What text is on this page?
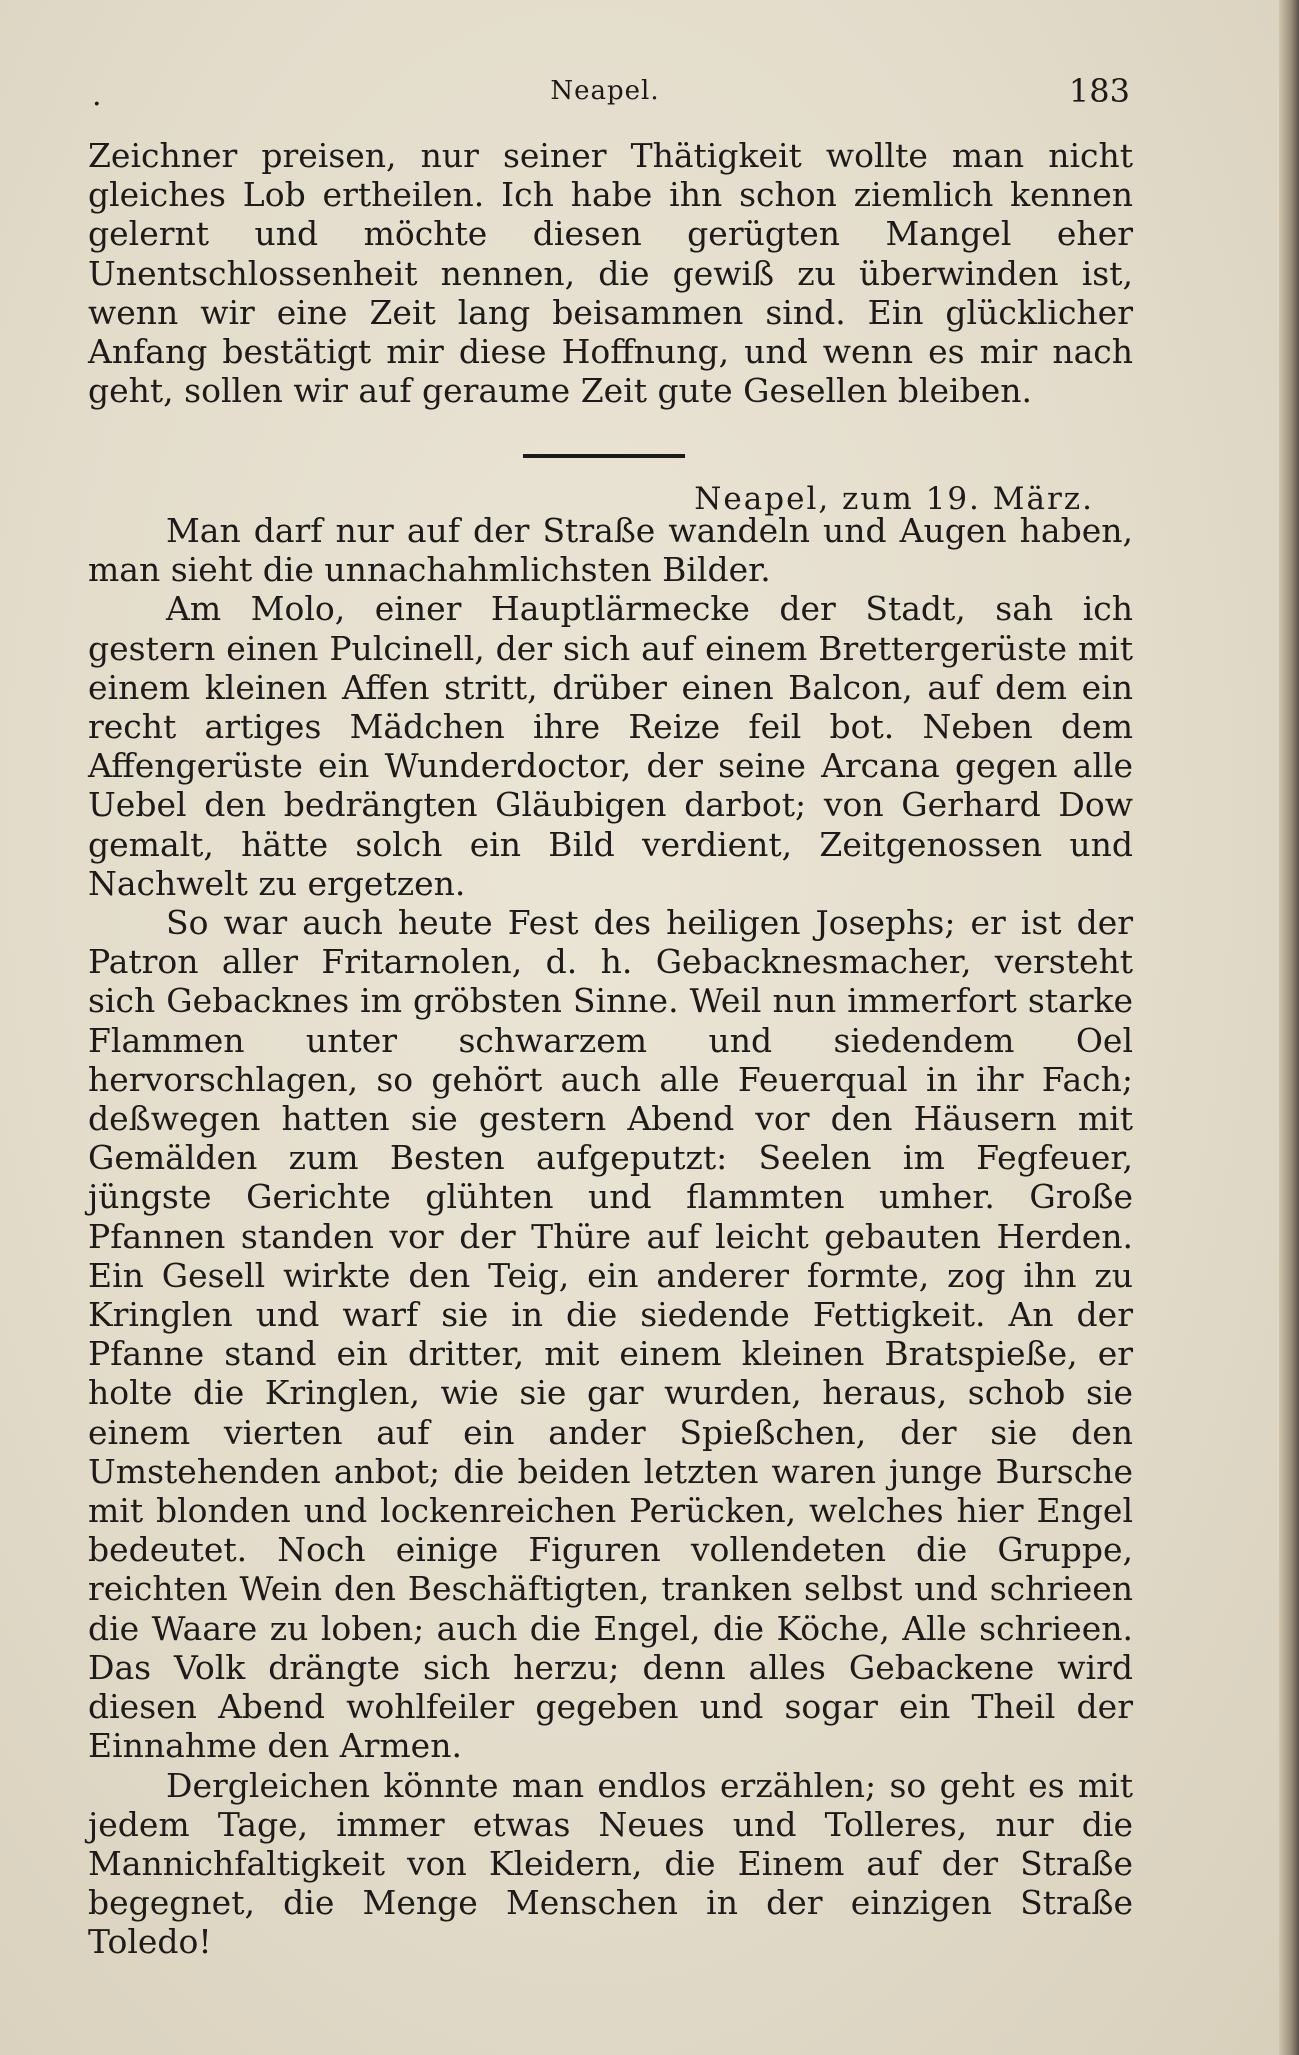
.	Neapel.	183

Zeichner preisen, nur seiner Thätigkeit wollte man nicht gleiches Lob ertheilen. Ich habe ihn schon ziemlich kennen gelernt und möchte diesen gerügten Mangel eher Unentschlossenheit nennen, die gewiß zu überwinden ist, wenn wir eine Zeit lang beisammen sind. Ein glücklicher Anfang bestätigt mir diese Hoffnung, und wenn es mir nach geht, sollen wir auf geraume Zeit gute Gesellen bleiben.

Neapel, zum 19. März.

Man darf nur auf der Straße wandeln und Augen haben, man sieht die unnachahmlichsten Bilder.

Am Molo, einer Hauptlärmecke der Stadt, sah ich gestern einen Pulcinell, der sich auf einem Brettergerüste mit einem kleinen Affen stritt, drüber einen Balcon, auf dem ein recht artiges Mädchen ihre Reize feil bot. Neben dem Affengerüste ein Wunderdoctor, der seine Arcana gegen alle Uebel den bedrängten Gläubigen darbot; von Gerhard Dow gemalt, hätte solch ein Bild verdient, Zeitgenossen und Nachwelt zu ergetzen.

So war auch heute Fest des heiligen Josephs; er ist der Patron aller Fritarnolen, d. h. Gebacknesmacher, versteht sich Gebacknes im gröbsten Sinne. Weil nun immerfort starke Flammen unter schwarzem und siedendem Oel hervorschlagen, so gehört auch alle Feuerqual in ihr Fach; deßwegen hatten sie gestern Abend vor den Häusern mit Gemälden zum Besten aufgeputzt: Seelen im Fegfeuer, jüngste Gerichte glühten und flammten umher. Große Pfannen standen vor der Thüre auf leicht gebauten Herden. Ein Gesell wirkte den Teig, ein anderer formte, zog ihn zu Kringlen und warf sie in die siedende Fettigkeit. An der Pfanne stand ein dritter, mit einem kleinen Bratspieße, er holte die Kringlen, wie sie gar wurden, heraus, schob sie einem vierten auf ein ander Spießchen, der sie den Umstehenden anbot; die beiden letzten waren junge Bursche mit blonden und lockenreichen Perücken, welches hier Engel bedeutet. Noch einige Figuren vollendeten die Gruppe, reichten Wein den Beschäftigten, tranken selbst und schrieen die Waare zu loben; auch die Engel, die Köche, Alle schrieen. Das Volk drängte sich herzu; denn alles Gebackene wird diesen Abend wohlfeiler gegeben und sogar ein Theil der Einnahme den Armen.

Dergleichen könnte man endlos erzählen; so geht es mit jedem Tage, immer etwas Neues und Tolleres, nur die Mannichfaltigkeit von Kleidern, die Einem auf der Straße begegnet, die Menge Menschen in der einzigen Straße Toledo!
